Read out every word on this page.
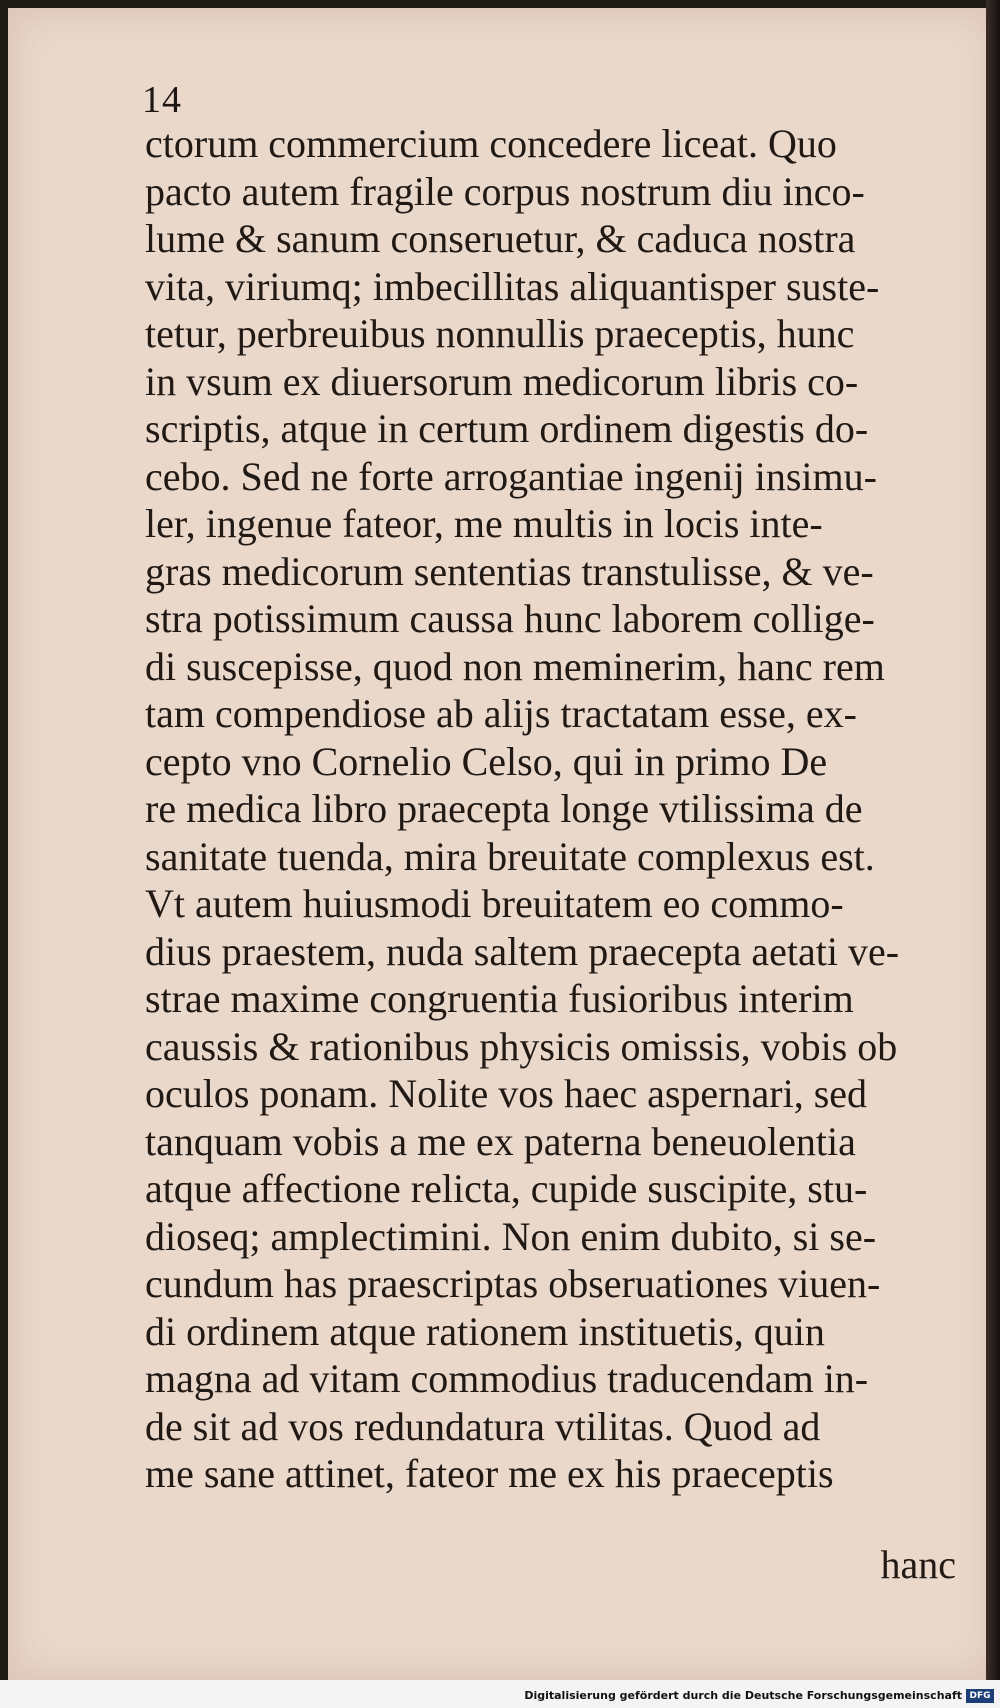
14
ctorum commercium concedere liceat. Quo
pacto autem fragile corpus nostrum diu inco-
lume & sanum conseruetur, & caduca nostra
vita, viriumq; imbecillitas aliquantisper suste-
tetur, perbreuibus nonnullis praeceptis, hunc
in vsum ex diuersorum medicorum libris co-
scriptis, atque in certum ordinem digestis do-
cebo. Sed ne forte arrogantiae ingenij insimu-
ler, ingenue fateor, me multis in locis inte-
gras medicorum sententias transtulisse, & ve-
stra potissimum caussa hunc laborem collige-
di suscepisse, quod non meminerim, hanc rem
tam compendiose ab alijs tractatam esse, ex-
cepto vno Cornelio Celso, qui in primo De
re medica libro praecepta longe vtilissima de
sanitate tuenda, mira breuitate complexus est.
Vt autem huiusmodi breuitatem eo commo-
dius praestem, nuda saltem praecepta aetati ve-
strae maxime congruentia fusioribus interim
caussis & rationibus physicis omissis, vobis ob
oculos ponam. Nolite vos haec aspernari, sed
tanquam vobis a me ex paterna beneuolentia
atque affectione relicta, cupide suscipite, stu-
dioseq; amplectimini. Non enim dubito, si se-
cundum has praescriptas obseruationes viuen-
di ordinem atque rationem instituetis, quin
magna ad vitam commodius traducendam in-
de sit ad vos redundatura vtilitas. Quod ad
me sane attinet, fateor me ex his praeceptis
hanc
Digitalisierung gefördert durch die Deutsche Forschungsgemeinschaft DFG
